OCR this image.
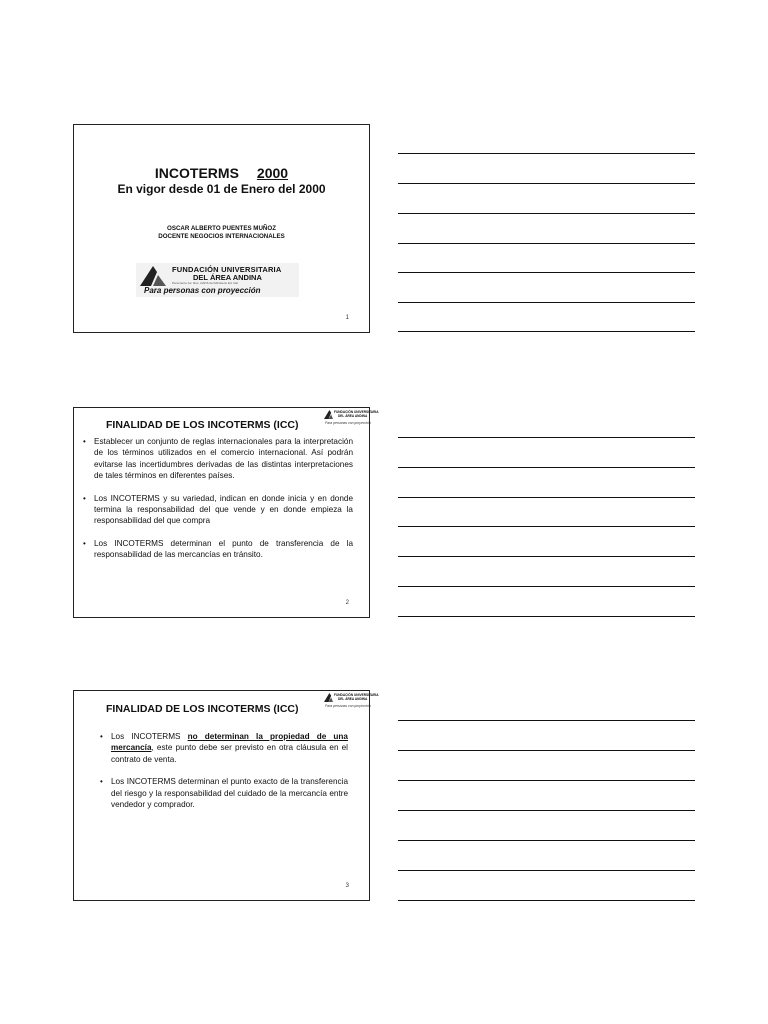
INCOTERMS 2000
En vigor desde 01 de Enero del 2000
OSCAR ALBERTO PUENTES MUÑOZ
DOCENTE NEGOCIOS INTERNACIONALES
FUNDACIÓN UNIVERSITARIA
DEL ÁREA ANDINA
Personería Jur. Res. 22215 del Ministerio Ed. Nal.
Para personas con proyección
1
FINALIDAD DE LOS INCOTERMS (ICC)
FUNDACIÓN UNIVERSITARIA
DEL ÁREA ANDINA
Para personas con proyección
• Establecer un conjunto de reglas internacionales para la interpretación de los términos utilizados en el comercio internacional. Así podrán evitarse las incertidumbres derivadas de las distintas interpretaciones de tales términos en diferentes países.
• Los INCOTERMS y su variedad, indican en donde inicia y en donde termina la responsabilidad del que vende y en donde empieza la responsabilidad del que compra
• Los INCOTERMS determinan el punto de transferencia de la responsabilidad de las mercancías en tránsito.
2
FINALIDAD DE LOS INCOTERMS (ICC)
FUNDACIÓN UNIVERSITARIA
DEL ÁREA ANDINA
Para personas con proyección
• Los INCOTERMS no determinan la propiedad de una mercancía, este punto debe ser previsto en otra cláusula en el contrato de venta.
• Los INCOTERMS determinan el punto exacto de la transferencia del riesgo y la responsabilidad del cuidado de la mercancía entre vendedor y comprador.
3
